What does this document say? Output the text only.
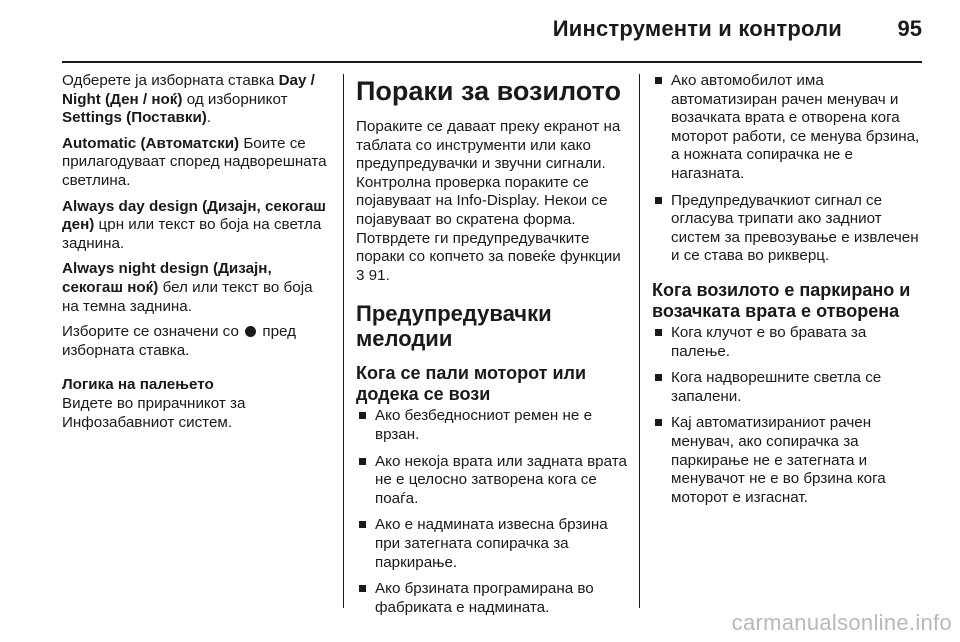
Иинструменти и контроли	95

Одберете ја изборната ставка Day / Night (Ден / ноќ) од изборникот Settings (Поставки).

Automatic (Автоматски) Боите се прилагодуваат според надворешната светлина.

Always day design (Дизајн, секогаш ден) црн или текст во боја на светла заднина.

Always night design (Дизајн, секогаш ноќ) бел или текст во боја на темна заднина.

Изборите се означени со  пред изборната ставка.

Логика на палењето

Видете во прирачникот за Инфозабавниот систем.

Пораки за возилото

Пораките се даваат преку екранот на таблата со инструменти или како предупредувачки и звучни сигнали. Контролна проверка пораките се појавуваат на Info-Display. Некои се појавуваат во скратена форма. Потврдете ги предупредувачките пораки со копчето за повеќе функции 3 91.

Предупредувачки мелодии
Кога се пали моторот или додека се вози
Ако безбедносниот ремен не е врзан.
Ако некоја врата или задната врата не е целосно затворена кога се поаѓа.
Ако е надминатa извесна брзина при затегната сопирачка за паркирање.
Ако брзината програмирана во фабриката е надмината.
Ако автомобилот има автоматизиран рачен менувач и возачката врата е отворена кога моторот работи, се менува брзина, а ножната сопирачка не е нагазната.
Предупредувачкиот сигнал се огласува трипати ако задниот систем за превозување е извлечен и се става во рикверц.
Кога возилото е паркирано и возачката врата е отворена
Кога клучот е во бравата за палење.
Кога надворешните светла се запалени.
Кај автоматизираниот рачен менувач, ако сопирачка за паркирање не е затегната и менувачот не е во брзина кога моторот е изгаснат.
carmanualsonline.info
